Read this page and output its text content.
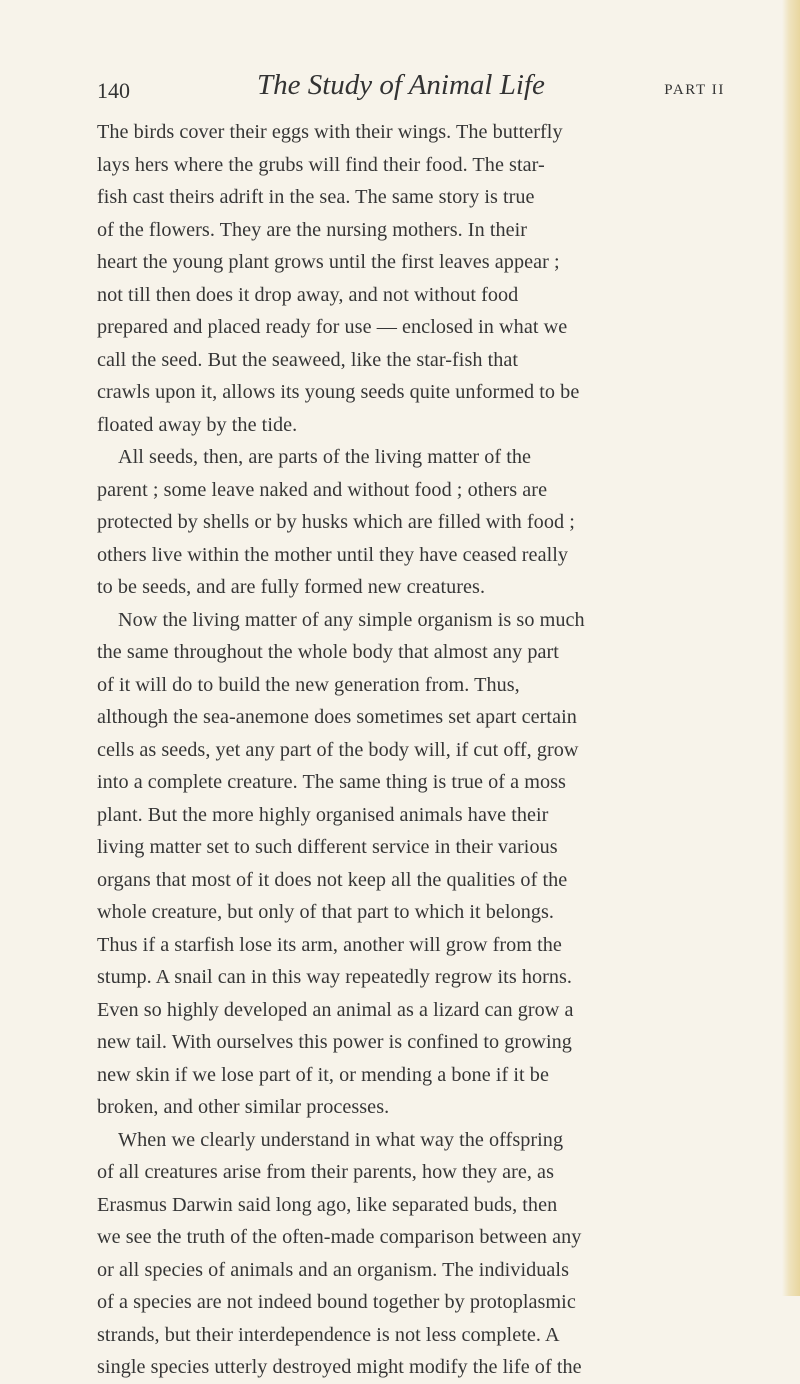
140	The Study of Animal Life	PART II
The birds cover their eggs with their wings. The butterfly
lays hers where the grubs will find their food. The star-
fish cast theirs adrift in the sea. The same story is true
of the flowers. They are the nursing mothers. In their
heart the young plant grows until the first leaves appear ;
not till then does it drop away, and not without food
prepared and placed ready for use — enclosed in what we
call the seed. But the seaweed, like the star-fish that
crawls upon it, allows its young seeds quite unformed to be
floated away by the tide.
All seeds, then, are parts of the living matter of the
parent ; some leave naked and without food ; others are
protected by shells or by husks which are filled with food ;
others live within the mother until they have ceased really
to be seeds, and are fully formed new creatures.
Now the living matter of any simple organism is so much
the same throughout the whole body that almost any part
of it will do to build the new generation from. Thus,
although the sea-anemone does sometimes set apart certain
cells as seeds, yet any part of the body will, if cut off, grow
into a complete creature. The same thing is true of a moss
plant. But the more highly organised animals have their
living matter set to such different service in their various
organs that most of it does not keep all the qualities of the
whole creature, but only of that part to which it belongs.
Thus if a starfish lose its arm, another will grow from the
stump. A snail can in this way repeatedly regrow its horns.
Even so highly developed an animal as a lizard can grow a
new tail. With ourselves this power is confined to growing
new skin if we lose part of it, or mending a bone if it be
broken, and other similar processes.
When we clearly understand in what way the offspring
of all creatures arise from their parents, how they are, as
Erasmus Darwin said long ago, like separated buds, then
we see the truth of the often-made comparison between any
or all species of animals and an organism. The individuals
of a species are not indeed bound together by protoplasmic
strands, but their interdependence is not less complete. A
single species utterly destroyed might modify the life of the
